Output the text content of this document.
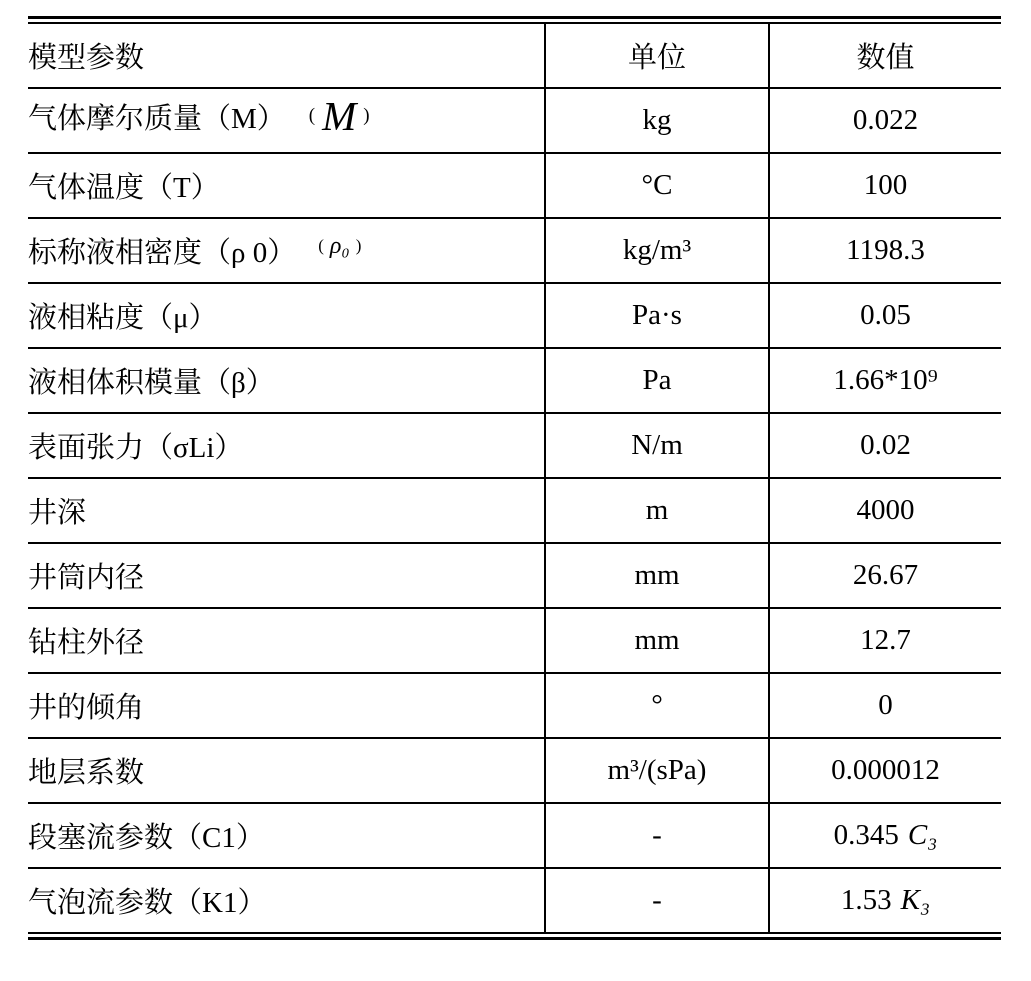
模型参数	单位	数值
气体摩尔质量（M） ( M )	kg	0.022
气体温度（T）	°C	100
标称液相密度（ρ 0） ( ρ₀ )	kg/m³	1198.3
液相粘度（μ）	Pa·s	0.05
液相体积模量（β）	Pa	1.66*10⁹
表面张力（σLi）	N/m	0.02
井深	m	4000
井筒内径	mm	26.67
钻柱外径	mm	12.7
井的倾角	°	0
地层系数	m³/(sPa)	0.000012
段塞流参数（C1）	-	0.345 C₃
气泡流参数（K1）	-	1.53 K₃
